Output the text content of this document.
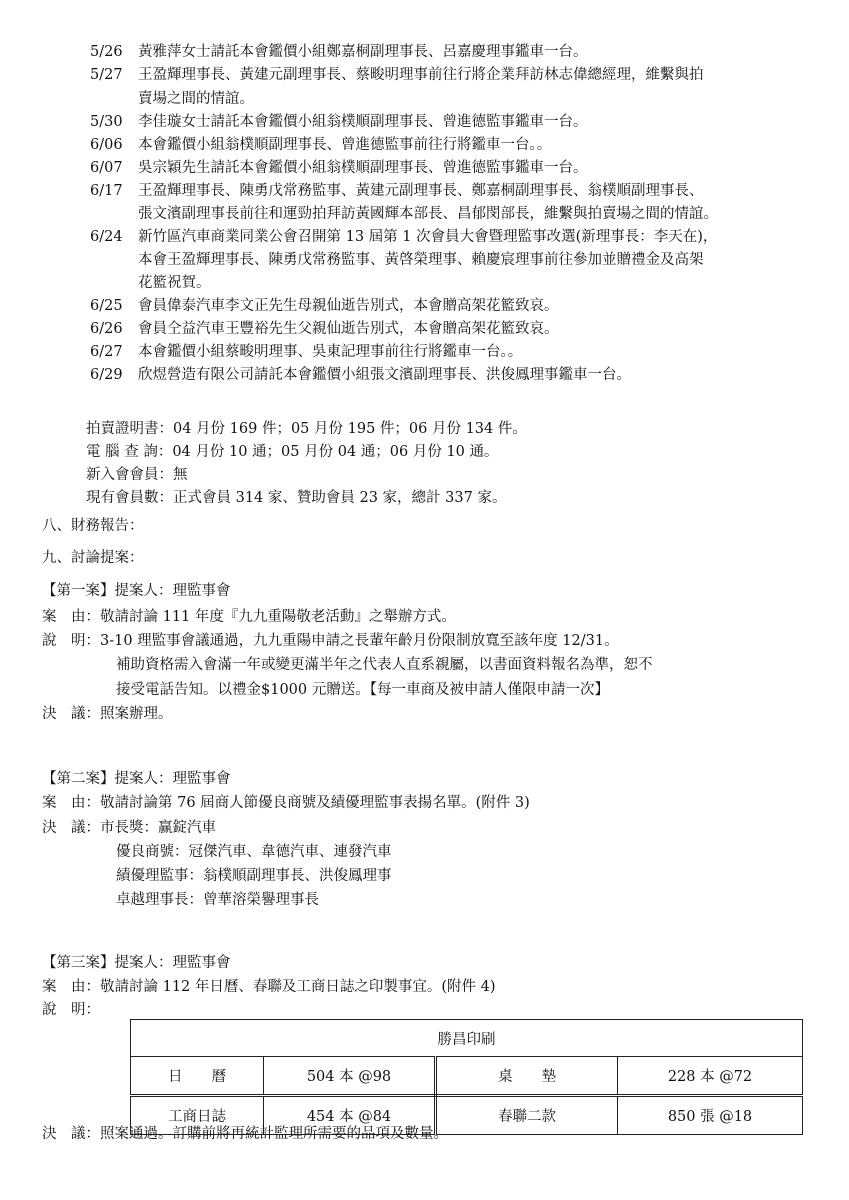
5/26	黃雅萍女士請託本會鑑價小組鄭嘉桐副理事長、呂嘉慶理事鑑車一台。
5/27	王盈輝理事長、黃建元副理事長、蔡畯明理事前往行將企業拜訪林志偉總經理，維繫與拍
賣場之間的情誼。
5/30	李佳璇女士請託本會鑑價小組翁樸順副理事長、曾進德監事鑑車一台。
6/06	本會鑑價小組翁樸順副理事長、曾進德監事前往行將鑑車一台。。
6/07	吳宗穎先生請託本會鑑價小組翁樸順副理事長、曾進德監事鑑車一台。
6/17	王盈輝理事長、陳勇戊常務監事、黃建元副理事長、鄭嘉桐副理事長、翁樸順副理事長、
張文濱副理事長前往和運勁拍拜訪黃國輝本部長、昌郁閔部長，維繫與拍賣場之間的情誼。
6/24	新竹區汽車商業同業公會召開第 13 屆第 1 次會員大會暨理監事改選(新理事長：李天在)，
本會王盈輝理事長、陳勇戊常務監事、黃啓榮理事、賴慶宸理事前往參加並贈禮金及高架
花籃祝賀。
6/25	會員偉泰汽車李文正先生母親仙逝告別式，本會贈高架花籃致哀。
6/26	會員仝益汽車王豐裕先生父親仙逝告別式，本會贈高架花籃致哀。
6/27	本會鑑價小組蔡畯明理事、吳東記理事前往行將鑑車一台。。
6/29	欣煜營造有限公司請託本會鑑價小組張文濱副理事長、洪俊鳳理事鑑車一台。
拍賣證明書：04 月份 169 件；05 月份 195 件；06 月份 134 件。
電 腦 查 詢：04 月份 10 通；05 月份 04 通；06 月份 10 通。
新入會會員：無
現有會員數：正式會員 314 家、贊助會員 23 家，總計 337 家。
八、財務報告：
九、討論提案：
【第一案】提案人：理監事會
案　由：敬請討論 111 年度『九九重陽敬老活動』之舉辦方式。
說　明：3-10 理監事會議通過，九九重陽申請之長輩年齡月份限制放寬至該年度 12/31。
補助資格需入會滿一年或變更滿半年之代表人直系親屬，以書面資料報名為準，恕不
接受電話告知。以禮金$1000 元贈送。【每一車商及被申請人僅限申請一次】
決　議：照案辦理。
【第二案】提案人：理監事會
案　由：敬請討論第 76 屆商人節優良商號及績優理監事表揚名單。(附件 3)
決　議：市長獎：赢錠汽車
優良商號：冠傑汽車、韋德汽車、連發汽車
績優理監事：翁樸順副理事長、洪俊鳳理事
卓越理事長：曾華溶榮譽理事長
【第三案】提案人：理監事會
案　由：敬請討論 112 年日曆、春聯及工商日誌之印製事宜。(附件 4)
說　明：
勝昌印刷			
日　　曆	504 本 @98	桌　　墊	228 本 @72
工商日誌	454 本 @84	春聯二款	850 張 @18
決　議：照案通過。訂購前將再統計監理所需要的品項及數量。
